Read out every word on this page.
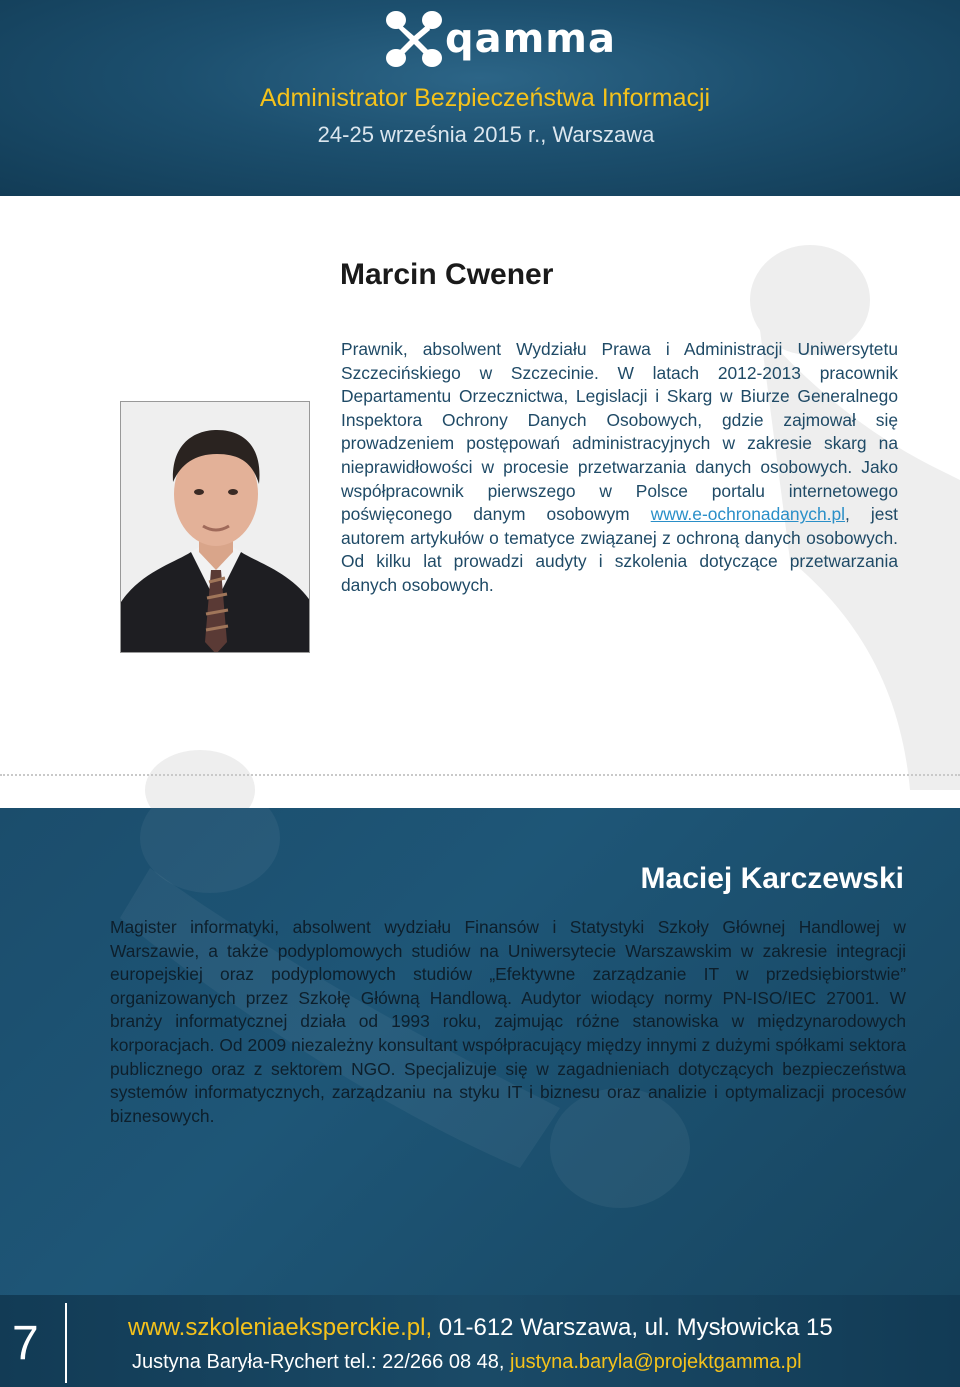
qamma
Administrator Bezpieczeństwa Informacji
24-25 września 2015 r., Warszawa
Marcin Cwener
Prawnik, absolwent Wydziału Prawa i Administracji Uniwersytetu Szczecińskiego w Szczecinie. W latach 2012-2013 pracownik Departamentu Orzecznictwa, Legislacji i Skarg w Biurze Generalnego Inspektora Ochrony Danych Osobowych, gdzie zajmował się prowadzeniem postępowań administracyjnych w zakresie skarg na nieprawidłowości w procesie przetwarzania danych osobowych. Jako współpracownik pierwszego w Polsce portalu internetowego poświęconego danym osobowym www.e-ochronadanych.pl, jest autorem artykułów o tematyce związanej z ochroną danych osobowych. Od kilku lat prowadzi audyty i szkolenia dotyczące przetwarzania danych osobowych.
Maciej Karczewski
Magister informatyki, absolwent wydziału Finansów i Statystyki Szkoły Głównej Handlowej w Warszawie, a także podyplomowych studiów na Uniwersytecie Warszawskim w zakresie integracji europejskiej oraz podyplomowych studiów „Efektywne zarządzanie IT w przedsiębiorstwie” organizowanych przez Szkołę Główną Handlową. Audytor wiodący normy PN-ISO/IEC 27001. W branży informatycznej działa od 1993 roku, zajmując różne stanowiska w międzynarodowych korporacjach. Od 2009 niezależny konsultant współpracujący między innymi z dużymi spółkami sektora publicznego oraz z sektorem NGO. Specjalizuje się w zagadnieniach dotyczących bezpieczeństwa systemów informatycznych, zarządzaniu na styku IT i biznesu oraz analizie i optymalizacji procesów biznesowych.
7	www.szkoleniaeksperckie.pl, 01-612 Warszawa, ul. Mysłowicka 15
Justyna Baryła-Rychert tel.: 22/266 08 48, justyna.baryla@projektgamma.pl
